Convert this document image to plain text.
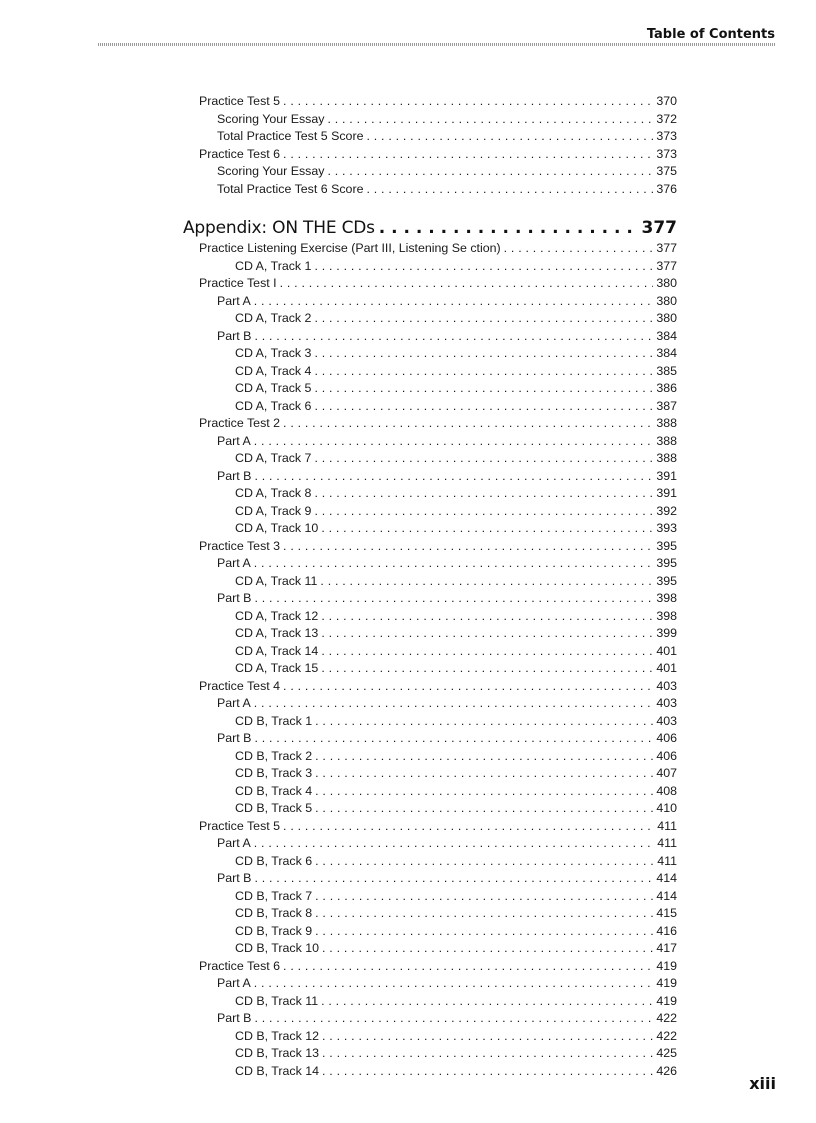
Table of Contents
Practice Test 5 . . .	370
Scoring Your Essay . . .	372
Total Practice Test 5 Score . . .	373
Practice Test 6 . . .	373
Scoring Your Essay . . .	375
Total Practice Test 6 Score . . .	376
Appendix: ON THE CDs . . .	377
Practice Listening Exercise (Part III, Listening Se ction) . . .	377
CD A, Track 1 . . .	377
Practice Test I . . .	380
Part A . . .	380
CD A, Track 2 . . .	380
Part B . . .	384
CD A, Track 3 . . .	384
CD A, Track 4 . . .	385
CD A, Track 5 . . .	386
CD A, Track 6 . . .	387
Practice Test 2 . . .	388
Part A . . .	388
CD A, Track 7 . . .	388
Part B . . .	391
CD A, Track 8 . . .	391
CD A, Track 9 . . .	392
CD A, Track 10 . . .	393
Practice Test 3 . . .	395
Part A . . .	395
CD A, Track 11 . . .	395
Part B . . .	398
CD A, Track 12 . . .	398
CD A, Track 13 . . .	399
CD A, Track 14 . . .	401
CD A, Track 15 . . .	401
Practice Test 4 . . .	403
Part A . . .	403
CD B, Track 1 . . .	403
Part B . . .	406
CD B, Track 2 . . .	406
CD B, Track 3 . . .	407
CD B, Track 4 . . .	408
CD B, Track 5 . . .	410
Practice Test 5 . . .	411
Part A . . .	411
CD B, Track 6 . . .	411
Part B . . .	414
CD B, Track 7 . . .	414
CD B, Track 8 . . .	415
CD B, Track 9 . . .	416
CD B, Track 10 . . .	417
Practice Test 6 . . .	419
Part A . . .	419
CD B, Track 11 . . .	419
Part B . . .	422
CD B, Track 12 . . .	422
CD B, Track 13 . . .	425
CD B, Track 14 . . .	426
xiii
